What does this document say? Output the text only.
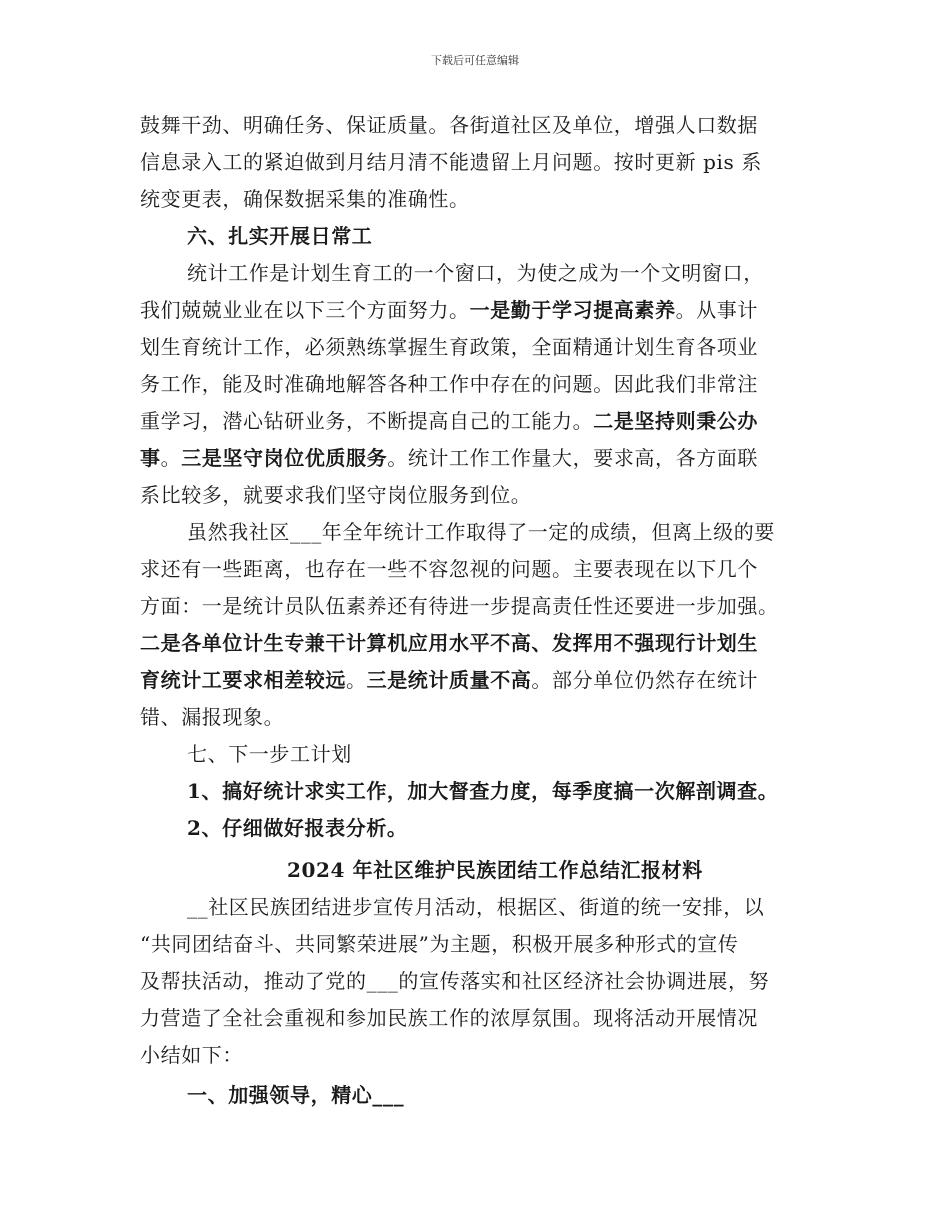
下载后可任意编辑
鼓舞干劲、明确任务、保证质量。各街道社区及单位，增强人口数据
信息录入工的紧迫做到月结月清不能遗留上月问题。按时更新 pis 系
统变更表，确保数据采集的准确性。
六、扎实开展日常工
统计工作是计划生育工的一个窗口，为使之成为一个文明窗口，
我们兢兢业业在以下三个方面努力。一是勤于学习提高素养。从事计
划生育统计工作，必须熟练掌握生育政策，全面精通计划生育各项业
务工作，能及时准确地解答各种工作中存在的问题。因此我们非常注
重学习，潜心钻研业务，不断提高自己的工能力。二是坚持则秉公办
事。三是坚守岗位优质服务。统计工作工作量大，要求高，各方面联
系比较多，就要求我们坚守岗位服务到位。
虽然我社区___年全年统计工作取得了一定的成绩，但离上级的要
求还有一些距离，也存在一些不容忽视的问题。主要表现在以下几个
方面：一是统计员队伍素养还有待进一步提高责任性还要进一步加强。
二是各单位计生专兼干计算机应用水平不高、发挥用不强现行计划生
育统计工要求相差较远。三是统计质量不高。部分单位仍然存在统计
错、漏报现象。
七、下一步工计划
1、搞好统计求实工作，加大督查力度，每季度搞一次解剖调查。
2、仔细做好报表分析。
2024 年社区维护民族团结工作总结汇报材料
__社区民族团结进步宣传月活动，根据区、街道的统一安排，以
“共同团结奋斗、共同繁荣进展”为主题，积极开展多种形式的宣传
及帮扶活动，推动了党的___的宣传落实和社区经济社会协调进展，努
力营造了全社会重视和参加民族工作的浓厚氛围。现将活动开展情况
小结如下：
一、加强领导，精心___
